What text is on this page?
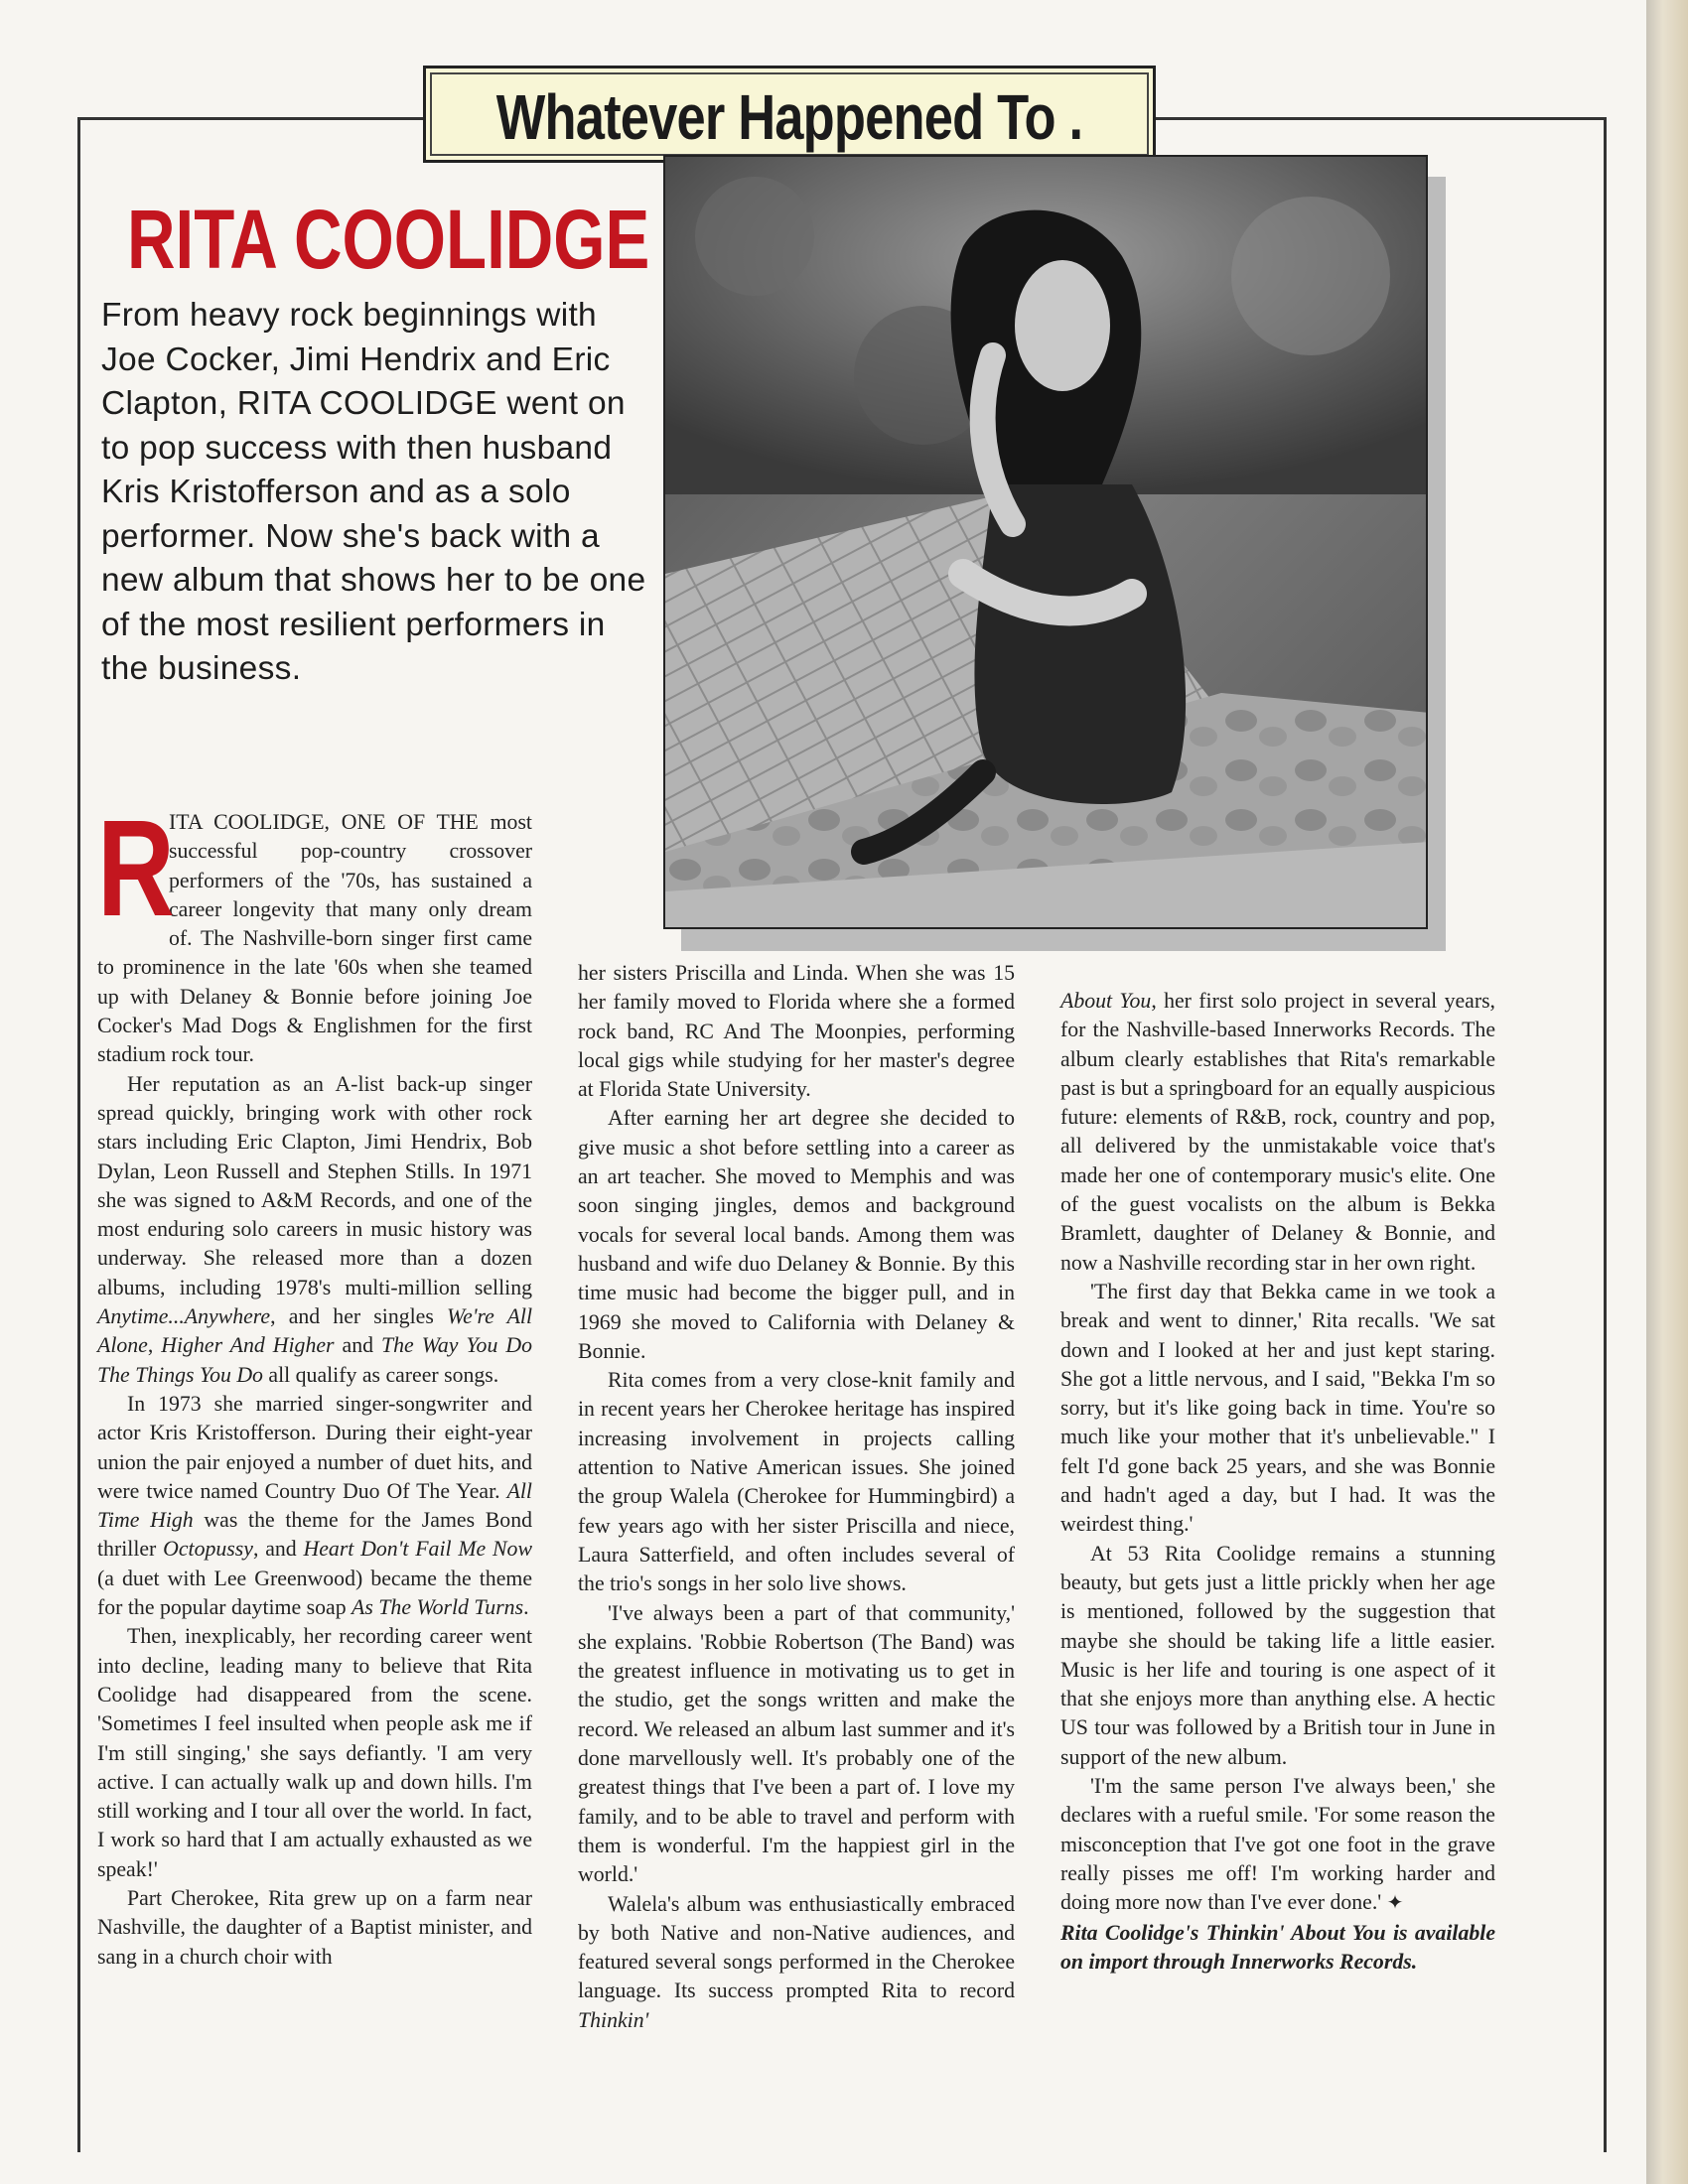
Whatever Happened To .
RITA COOLIDGE

From heavy rock beginnings with Joe Cocker, Jimi Hendrix and Eric Clapton, RITA COOLIDGE went on to pop success with then husband Kris Kristofferson and as a solo performer. Now she's back with a new album that shows her to be one of the most resilient performers in the business.

R

ITA COOLIDGE, ONE OF THE most successful pop-country crossover performers of the '70s, has sustained a career longevity that many only dream of. The Nashville-born singer first came to prominence in the late '60s when she teamed up with Delaney & Bonnie before joining Joe Cocker's Mad Dogs & Englishmen for the first stadium rock tour.

Her reputation as an A-list back-up singer spread quickly, bringing work with other rock stars including Eric Clapton, Jimi Hendrix, Bob Dylan, Leon Russell and Stephen Stills. In 1971 she was signed to A&M Records, and one of the most enduring solo careers in music history was underway. She released more than a dozen albums, including 1978's multi-million selling Anytime...Anywhere, and her singles We're All Alone, Higher And Higher and The Way You Do The Things You Do all qualify as career songs.

In 1973 she married singer-songwriter and actor Kris Kristofferson. During their eight-year union the pair enjoyed a number of duet hits, and were twice named Country Duo Of The Year. All Time High was the theme for the James Bond thriller Octopussy, and Heart Don't Fail Me Now (a duet with Lee Greenwood) became the theme for the popular daytime soap As The World Turns.

Then, inexplicably, her recording career went into decline, leading many to believe that Rita Coolidge had disappeared from the scene. 'Sometimes I feel insulted when people ask me if I'm still singing,' she says defiantly. 'I am very active. I can actually walk up and down hills. I'm still working and I tour all over the world. In fact, I work so hard that I am actually exhausted as we speak!'

Part Cherokee, Rita grew up on a farm near Nashville, the daughter of a Baptist minister, and sang in a church choir with

her sisters Priscilla and Linda. When she was 15 her family moved to Florida where she a formed rock band, RC And The Moonpies, performing local gigs while studying for her master's degree at Florida State University.

After earning her art degree she decided to give music a shot before settling into a career as an art teacher. She moved to Memphis and was soon singing jingles, demos and background vocals for several local bands. Among them was husband and wife duo Delaney & Bonnie. By this time music had become the bigger pull, and in 1969 she moved to California with Delaney & Bonnie.

Rita comes from a very close-knit family and in recent years her Cherokee heritage has inspired increasing involvement in projects calling attention to Native American issues. She joined the group Walela (Cherokee for Hummingbird) a few years ago with her sister Priscilla and niece, Laura Satterfield, and often includes several of the trio's songs in her solo live shows.

'I've always been a part of that community,' she explains. 'Robbie Robertson (The Band) was the greatest influence in motivating us to get in the studio, get the songs written and make the record. We released an album last summer and it's done marvellously well. It's probably one of the greatest things that I've been a part of. I love my family, and to be able to travel and perform with them is wonderful. I'm the happiest girl in the world.'

Walela's album was enthusiastically embraced by both Native and non-Native audiences, and featured several songs performed in the Cherokee language. Its success prompted Rita to record Thinkin'

About You, her first solo project in several years, for the Nashville-based Innerworks Records. The album clearly establishes that Rita's remarkable past is but a springboard for an equally auspicious future: elements of R&B, rock, country and pop, all delivered by the unmistakable voice that's made her one of contemporary music's elite. One of the guest vocalists on the album is Bekka Bramlett, daughter of Delaney & Bonnie, and now a Nashville recording star in her own right.

'The first day that Bekka came in we took a break and went to dinner,' Rita recalls. 'We sat down and I looked at her and just kept staring. She got a little nervous, and I said, "Bekka I'm so sorry, but it's like going back in time. You're so much like your mother that it's unbelievable." I felt I'd gone back 25 years, and she was Bonnie and hadn't aged a day, but I had. It was the weirdest thing.'

At 53 Rita Coolidge remains a stunning beauty, but gets just a little prickly when her age is mentioned, followed by the suggestion that maybe she should be taking life a little easier. Music is her life and touring is one aspect of it that she enjoys more than anything else. A hectic US tour was followed by a British tour in June in support of the new album.

'I'm the same person I've always been,' she declares with a rueful smile. 'For some reason the misconception that I've got one foot in the grave really pisses me off! I'm working harder and doing more now than I've ever done.' ✦

Rita Coolidge's Thinkin' About You is available on import through Innerworks Records.
